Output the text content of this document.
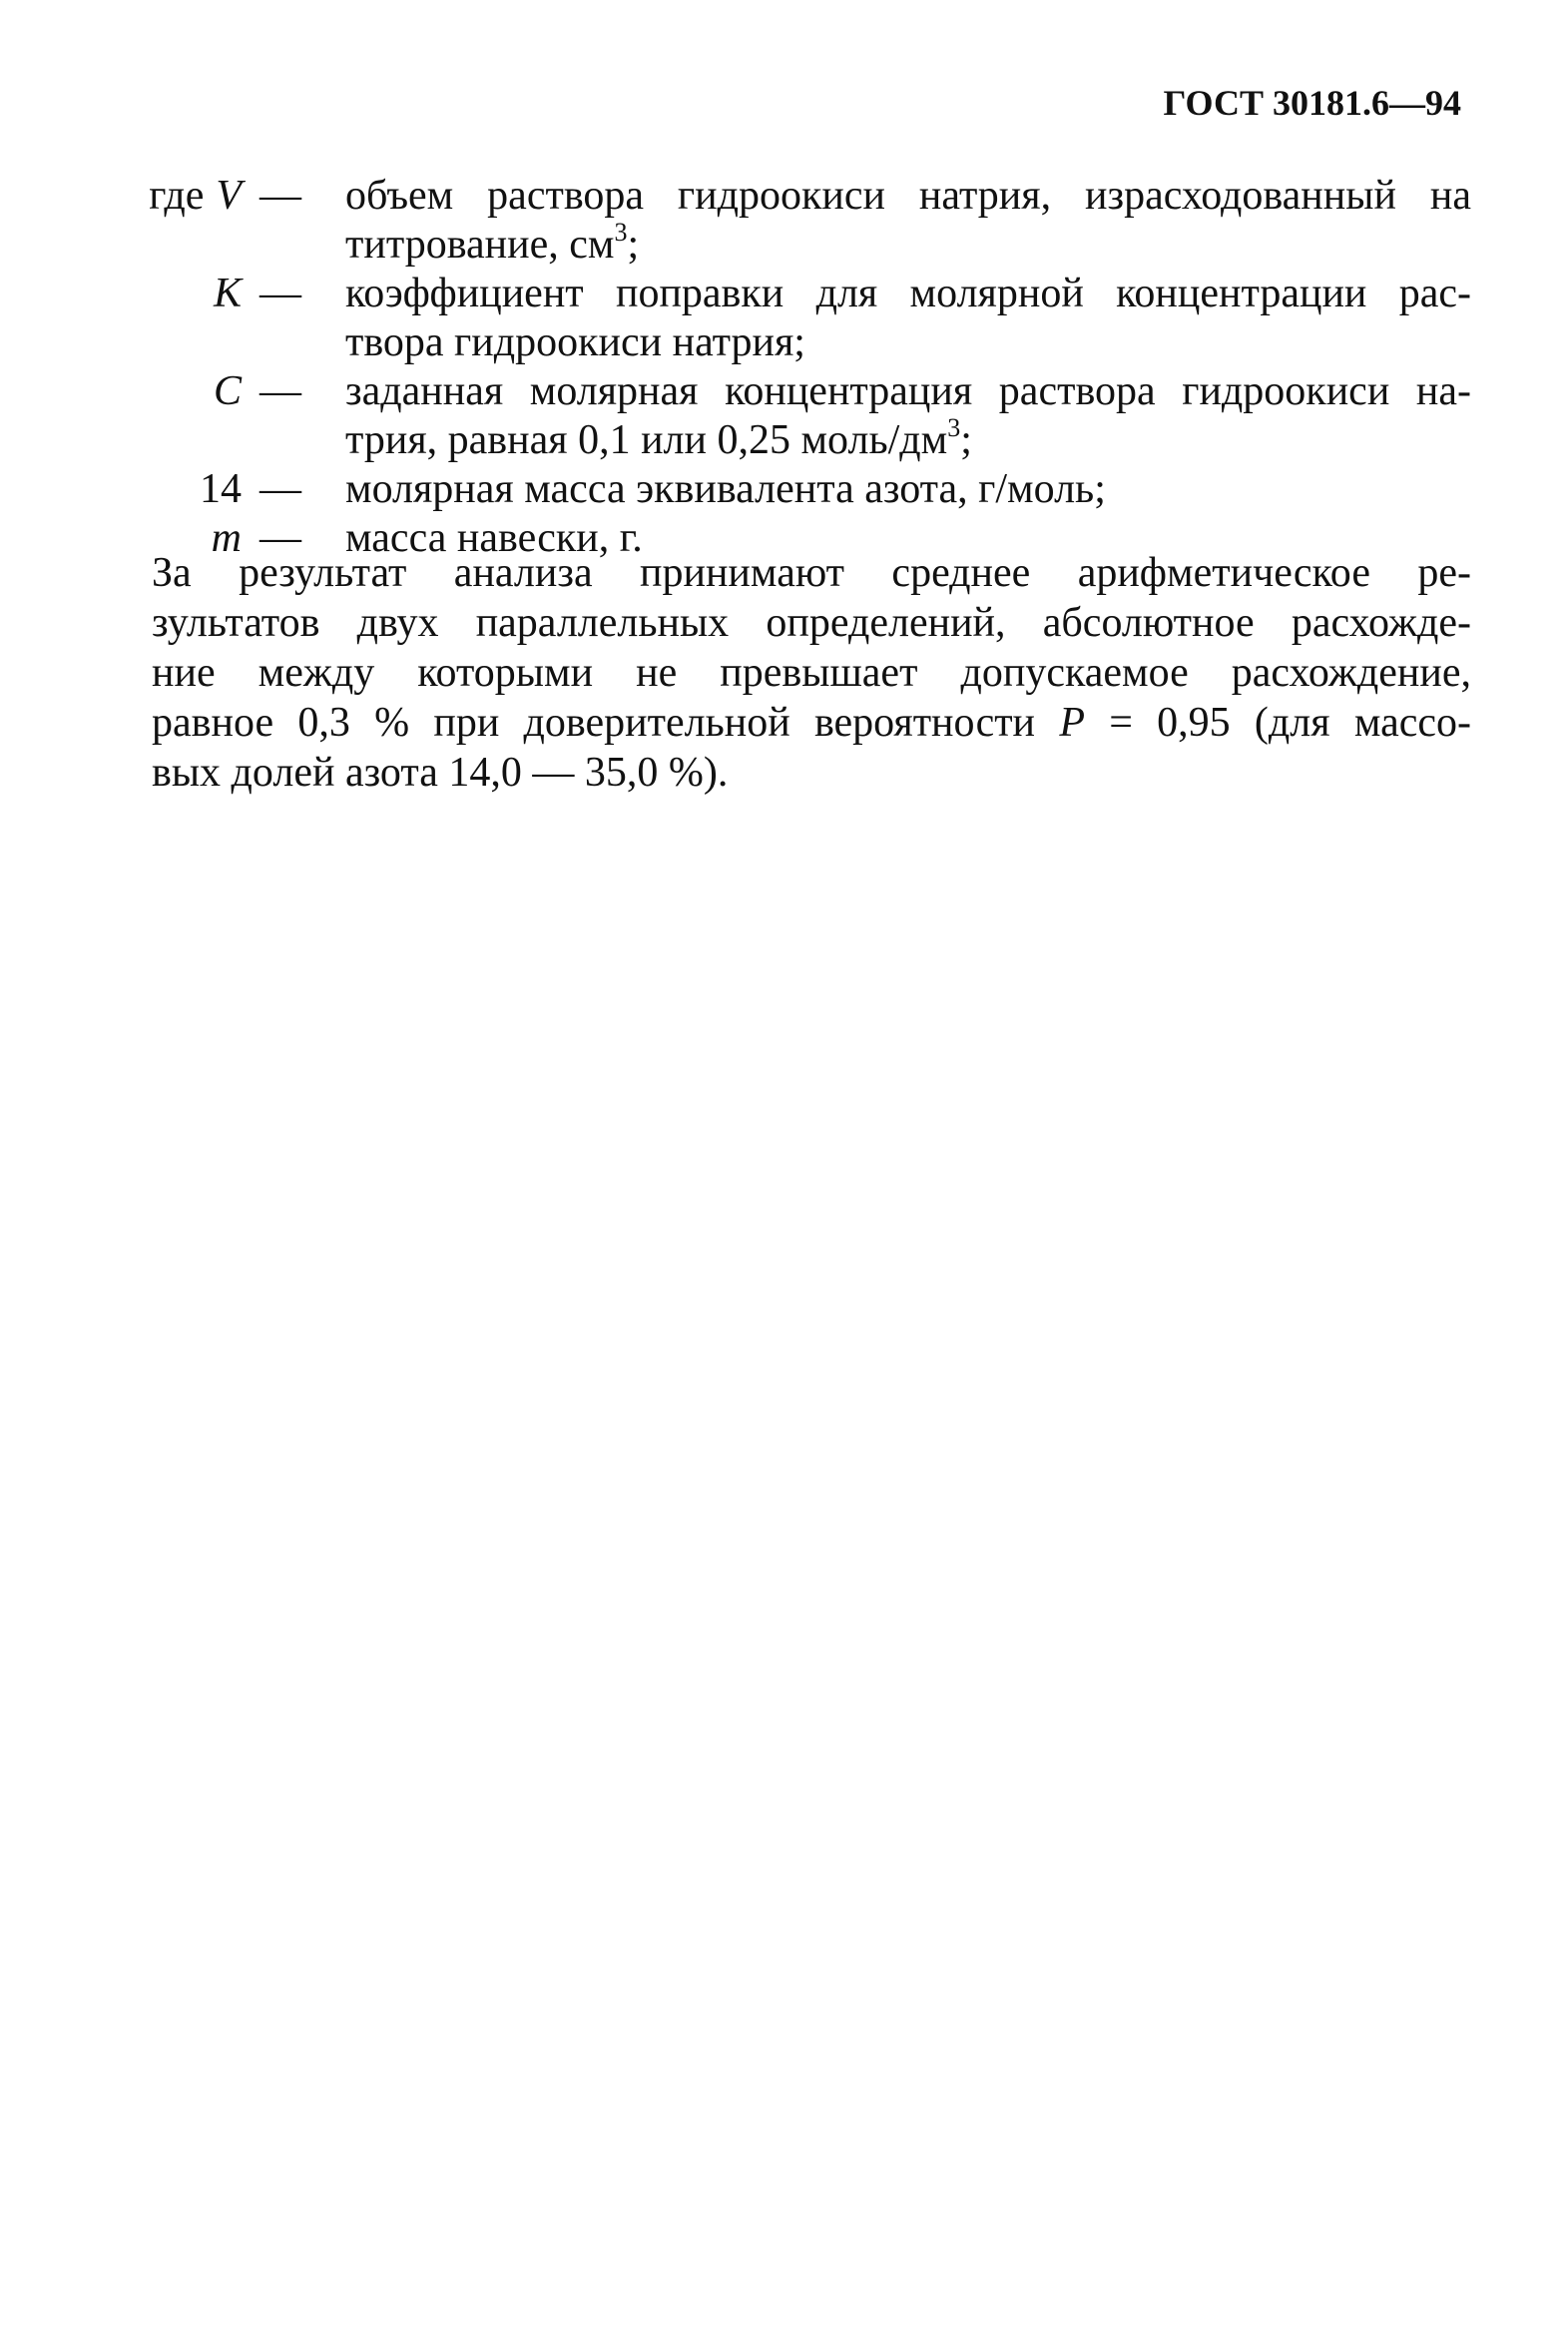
ГОСТ 30181.6—94
где V — объем раствора гидроокиси натрия, израсходованный на
титрование, $см^3$;
K — коэффициент поправки для молярной концентрации рас-
твора гидроокиси натрия;
C — заданная молярная концентрация раствора гидроокиси на-
трия, равная 0,1 или 0,25 моль/$дм^3$;
14 — молярная масса эквивалента азота, г/моль;
m — масса навески, г.
За результат анализа принимают среднее арифметическое ре-
зультатов двух параллельных определений, абсолютное расхожде-
ние между которыми не превышает допускаемое расхождение,
равное 0,3 % при доверительной вероятности P = 0,95 (для массо-
вых долей азота 14,0 — 35,0 %).
